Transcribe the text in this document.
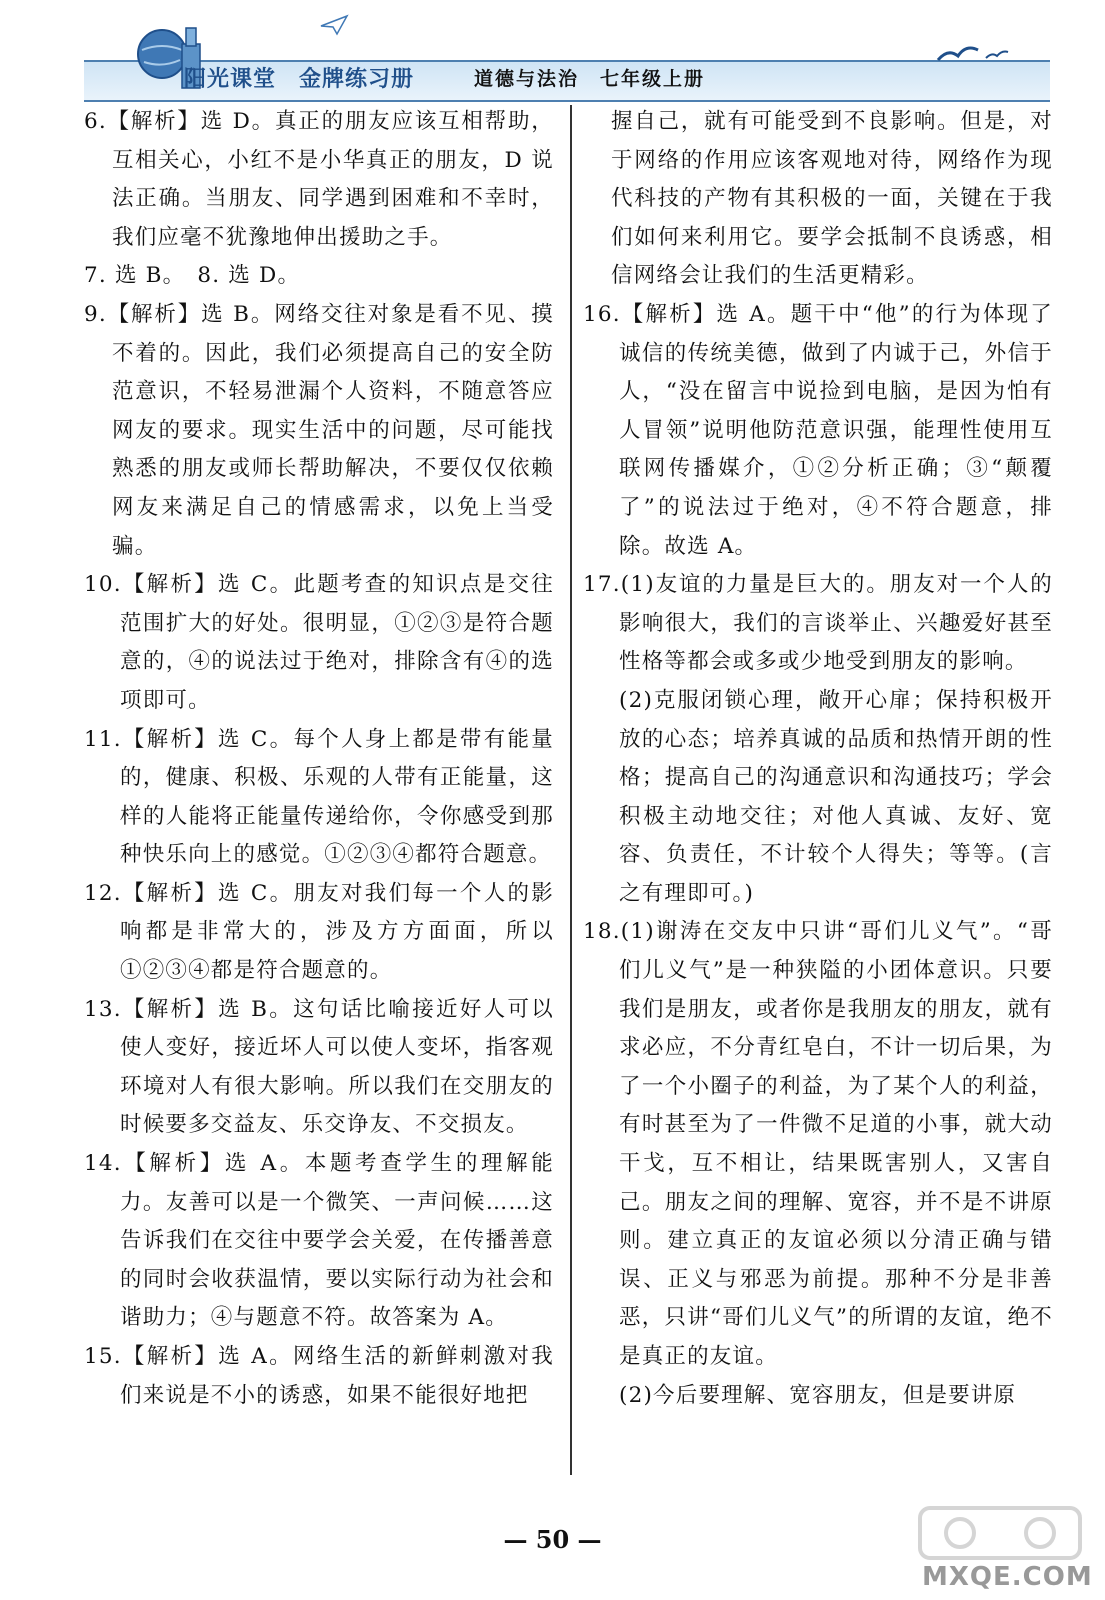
阳光课堂　金牌练习册	道德与法治　七年级上册

6.【解析】选 D。真正的朋友应该互相帮助，互相关心，小红不是小华真正的朋友，D 说法正确。当朋友、同学遇到困难和不幸时，我们应毫不犹豫地伸出援助之手。

7. 选 B。　8. 选 D。

9.【解析】选 B。网络交往对象是看不见、摸不着的。因此，我们必须提高自己的安全防范意识，不轻易泄漏个人资料，不随意答应网友的要求。现实生活中的问题，尽可能找熟悉的朋友或师长帮助解决，不要仅仅依赖网友来满足自己的情感需求，以免上当受骗。

10.【解析】选 C。此题考查的知识点是交往范围扩大的好处。很明显，①②③是符合题意的，④的说法过于绝对，排除含有④的选项即可。

11.【解析】选 C。每个人身上都是带有能量的，健康、积极、乐观的人带有正能量，这样的人能将正能量传递给你，令你感受到那种快乐向上的感觉。①②③④都符合题意。

12.【解析】选 C。朋友对我们每一个人的影响都是非常大的，涉及方方面面，所以①②③④都是符合题意的。

13.【解析】选 B。这句话比喻接近好人可以使人变好，接近坏人可以使人变坏，指客观环境对人有很大影响。所以我们在交朋友的时候要多交益友、乐交诤友、不交损友。

14.【解析】选 A。本题考查学生的理解能力。友善可以是一个微笑、一声问候……这告诉我们在交往中要学会关爱，在传播善意的同时会收获温情，要以实际行动为社会和谐助力；④与题意不符。故答案为 A。

15.【解析】选 A。网络生活的新鲜刺激对我们来说是不小的诱惑，如果不能很好地把

握自己，就有可能受到不良影响。但是，对于网络的作用应该客观地对待，网络作为现代科技的产物有其积极的一面，关键在于我们如何来利用它。要学会抵制不良诱惑，相信网络会让我们的生活更精彩。

16.【解析】选 A。题干中“他”的行为体现了诚信的传统美德，做到了内诚于己，外信于人，“没在留言中说捡到电脑，是因为怕有人冒领”说明他防范意识强，能理性使用互联网传播媒介，①②分析正确；③“颠覆了”的说法过于绝对，④不符合题意，排除。故选 A。

17.(1)友谊的力量是巨大的。朋友对一个人的影响很大，我们的言谈举止、兴趣爱好甚至性格等都会或多或少地受到朋友的影响。

(2)克服闭锁心理，敞开心扉；保持积极开放的心态；培养真诚的品质和热情开朗的性格；提高自己的沟通意识和沟通技巧；学会积极主动地交往；对他人真诚、友好、宽容、负责任，不计较个人得失；等等。(言之有理即可。)

18.(1)谢涛在交友中只讲“哥们儿义气”。“哥们儿义气”是一种狭隘的小团体意识。只要我们是朋友，或者你是我朋友的朋友，就有求必应，不分青红皂白，不计一切后果，为了一个小圈子的利益，为了某个人的利益，有时甚至为了一件微不足道的小事，就大动干戈，互不相让，结果既害别人，又害自己。朋友之间的理解、宽容，并不是不讲原则。建立真正的友谊必须以分清正确与错误、正义与邪恶为前提。那种不分是非善恶，只讲“哥们儿义气”的所谓的友谊，绝不是真正的友谊。

(2)今后要理解、宽容朋友，但是要讲原

— 50 —
MXQE.COM
